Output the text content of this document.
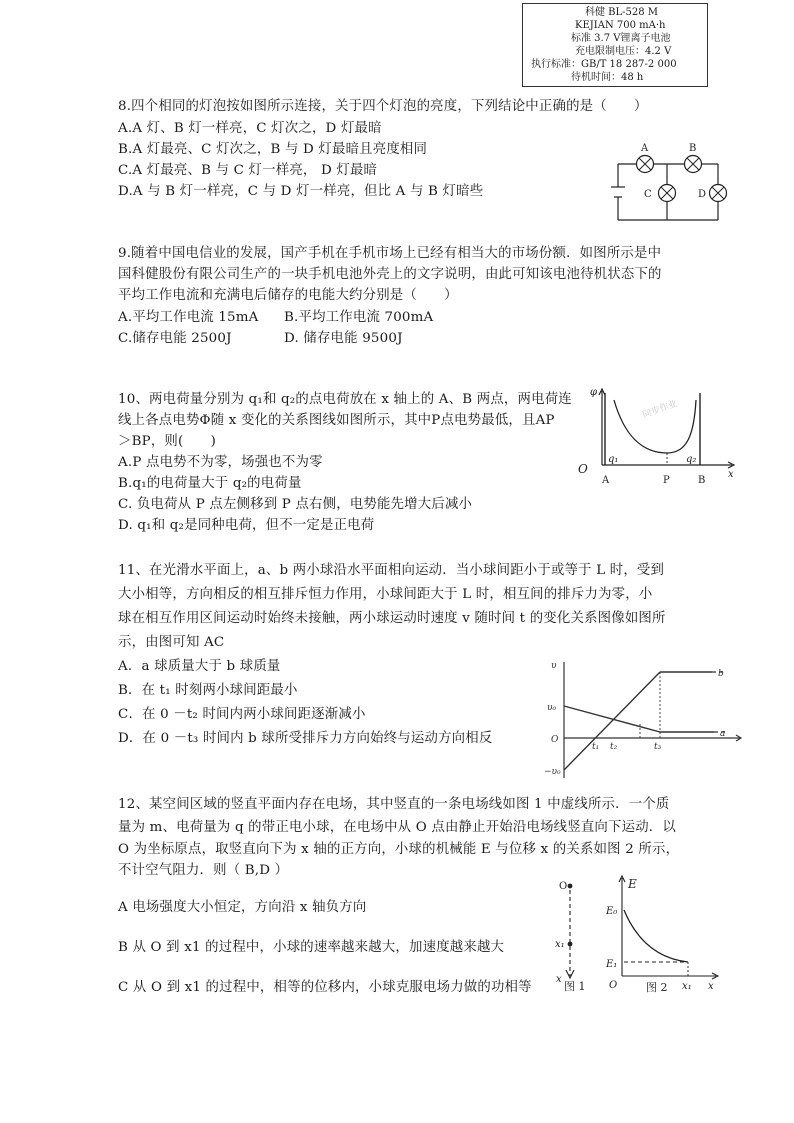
科健 BL-528 M
KEJIAN 700 mA·h
标准 3.7 V锂离子电池
充电限制电压：4.2 V
执行标准：GB/T 18 287-2 000
待机时间：48 h
8.四个相同的灯泡按如图所示连接，关于四个灯泡的亮度，下列结论中正确的是（　　）
A.A 灯、B 灯一样亮，C 灯次之，D 灯最暗
B.A 灯最亮、C 灯次之，B 与 D 灯最暗且亮度相同
C.A 灯最亮、B 与 C 灯一样亮， D 灯最暗
D.A 与 B 灯一样亮，C 与 D 灯一样亮，但比 A 与 B 灯暗些
A	B
C	D
9.随着中国电信业的发展，国产手机在手机市场上已经有相当大的市场份额．如图所示是中
国科健股份有限公司生产的一块手机电池外壳上的文字说明，由此可知该电池待机状态下的
平均工作电流和充满电后储存的电能大约分别是（　　）
A.平均工作电流 15mA B.平均工作电流 700mA
C.储存电能 2500J	D. 储存电能 9500J
10、两电荷量分别为 q₁和 q₂的点电荷放在 x 轴上的 A、B 两点，两电荷连
线上各点电势Φ随 x 变化的关系图线如图所示，其中P点电势最低，且AP
＞BP，则(　　)
A.P 点电势不为零，场强也不为零
B.q₁的电荷量大于 q₂的电荷量
C. 负电荷从 P 点左侧移到 P 点右侧，电势能先增大后减小
D. q₁和 q₂是同种电荷，但不一定是正电荷
φ
x
O
q₁	q₂
A	P	B
同步作业
11、在光滑水平面上，a、b 两小球沿水平面相向运动．当小球间距小于或等于 L 时，受到
大小相等，方向相反的相互排斥恒力作用，小球间距大于 L 时，相互间的排斥力为零，小
球在相互作用区间运动时始终未接触，两小球运动时速度 v 随时间 t 的变化关系图像如图所
示，由图可知 AC
A．a 球质量大于 b 球质量
B．在 t₁ 时刻两小球间距最小
C．在 0 －t₂ 时间内两小球间距逐渐减小
D．在 0 －t₃ 时间内 b 球所受排斥力方向始终与运动方向相反
υ
υ₀
−υ₀
O
t₁ t₂	t₃
a
b
12、某空间区域的竖直平面内存在电场，其中竖直的一条电场线如图 1 中虚线所示．一个质
量为 m、电荷量为 q 的带正电小球，在电场中从 O 点由静止开始沿电场线竖直向下运动．以
O 为坐标原点，取竖直向下为 x 轴的正方向，小球的机械能 E 与位移 x 的关系如图 2 所示，
不计空气阻力．则（ B,D ）
A 电场强度大小恒定，方向沿 x 轴负方向
B 从 O 到 x1 的过程中，小球的速率越来越大，加速度越来越大
C 从 O 到 x1 的过程中，相等的位移内，小球克服电场力做的功相等
O
x₁
x
图 1
E
E₀
E₁
O	x₁ x
图 2
